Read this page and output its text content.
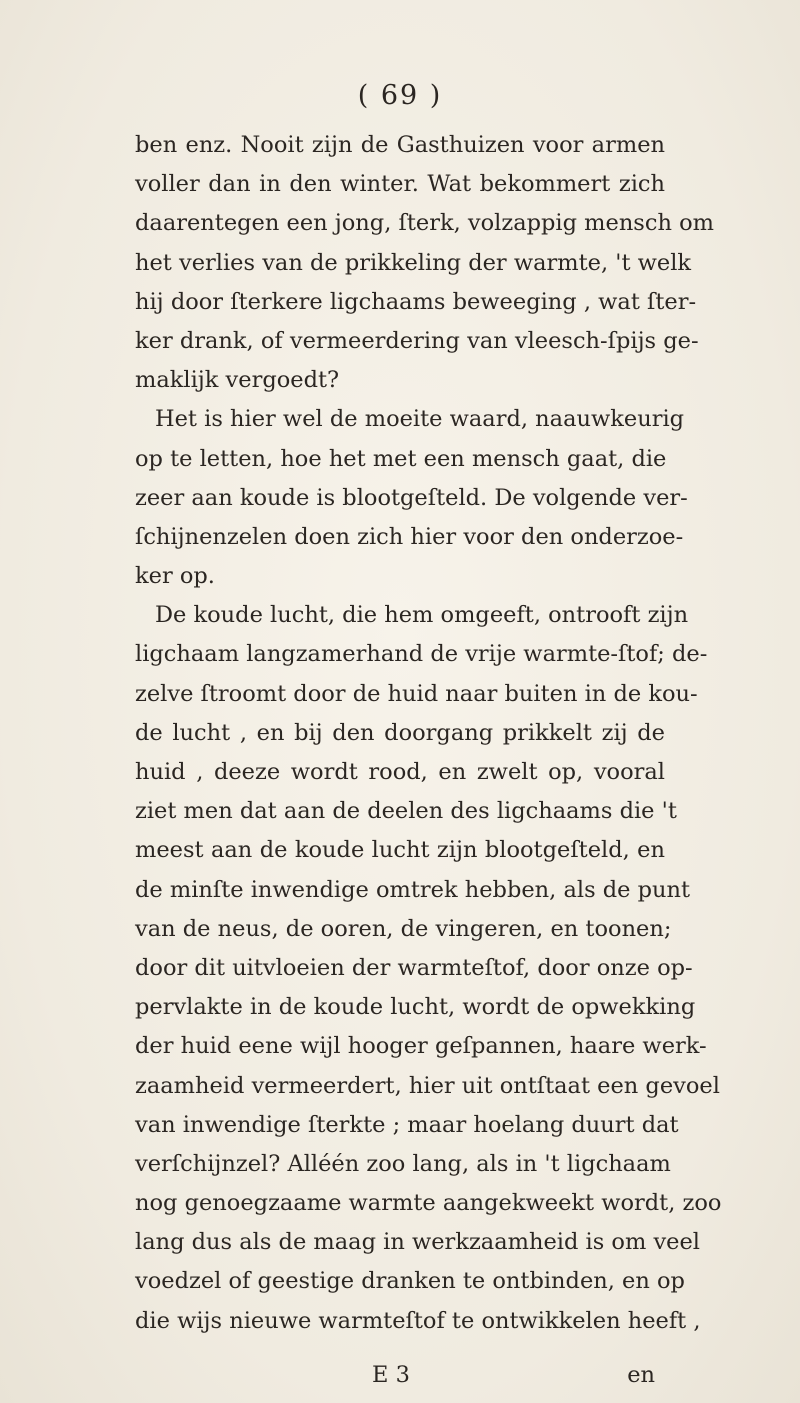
( 69 )
ben enz. Nooit zijn de Gasthuizen voor armen
voller dan in den winter. Wat bekommert zich
daarentegen een jong, ſterk, volzappig mensch om
het verlies van de prikkeling der warmte, 't welk
hij door ſterkere ligchaams beweeging , wat ſter-
ker drank, of vermeerdering van vleesch-ſpijs ge-
maklijk vergoedt?
Het is hier wel de moeite waard, naauwkeurig
op te letten, hoe het met een mensch gaat, die
zeer aan koude is blootgeſteld. De volgende ver-
ſchijnenzelen doen zich hier voor den onderzoe-
ker op.
De koude lucht, die hem omgeeft, ontrooft zijn
ligchaam langzamerhand de vrije warmte-ſtof; de-
zelve ſtroomt door de huid naar buiten in de kou-
de lucht , en bij den doorgang prikkelt zij de
huid , deeze wordt rood, en zwelt op, vooral
ziet men dat aan de deelen des ligchaams die 't
meest aan de koude lucht zijn blootgeſteld, en
de minſte inwendige omtrek hebben, als de punt
van de neus, de ooren, de vingeren, en toonen;
door dit uitvloeien der warmteſtof, door onze op-
pervlakte in de koude lucht, wordt de opwekking
der huid eene wijl hooger geſpannen, haare werk-
zaamheid vermeerdert, hier uit ontſtaat een gevoel
van inwendige ſterkte ; maar hoelang duurt dat
verſchijnzel? Alléén zoo lang, als in 't ligchaam
nog genoegzaame warmte aangekweekt wordt, zoo
lang dus als de maag in werkzaamheid is om veel
voedzel of geestige dranken te ontbinden, en op
die wijs nieuwe warmteſtof te ontwikkelen heeft ,
E 3	en
